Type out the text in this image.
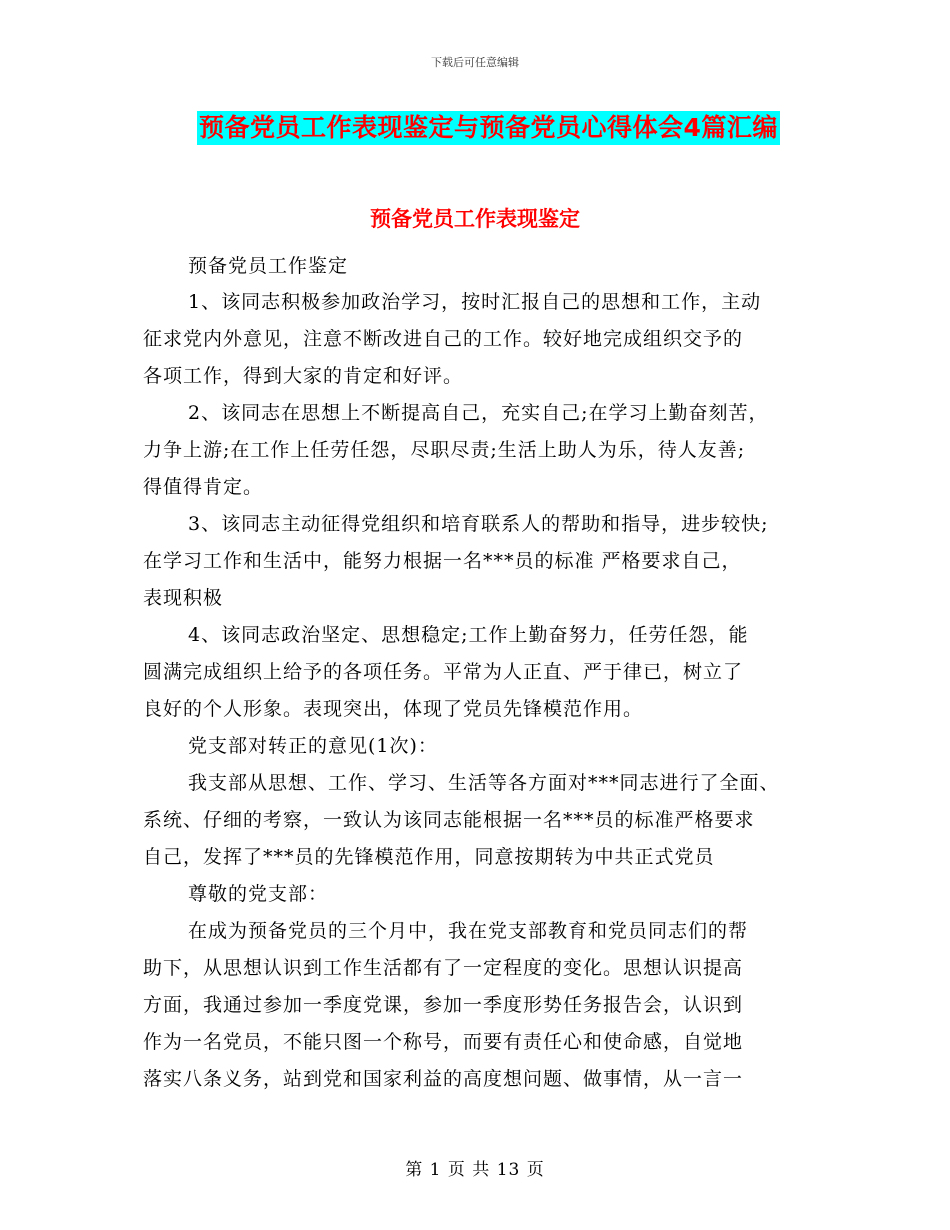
下载后可任意编辑
预备党员工作表现鉴定与预备党员心得体会4篇汇编
预备党员工作表现鉴定
预备党员工作鉴定
1、该同志积极参加政治学习，按时汇报自己的思想和工作，主动
征求党内外意见，注意不断改进自己的工作。较好地完成组织交予的
各项工作，得到大家的肯定和好评。
2、该同志在思想上不断提高自己，充实自己;在学习上勤奋刻苦，
力争上游;在工作上任劳任怨，尽职尽责;生活上助人为乐，待人友善;
得值得肯定。
3、该同志主动征得党组织和培育联系人的帮助和指导，进步较快;
在学习工作和生活中，能努力根据一名***员的标准 严格要求自己，
表现积极
4、该同志政治坚定、思想稳定;工作上勤奋努力，任劳任怨，能
圆满完成组织上给予的各项任务。平常为人正直、严于律已，树立了
良好的个人形象。表现突出，体现了党员先锋模范作用。
党支部对转正的意见(1次)：
我支部从思想、工作、学习、生活等各方面对***同志进行了全面、
系统、仔细的考察，一致认为该同志能根据一名***员的标准严格要求
自己，发挥了***员的先锋模范作用，同意按期转为中共正式党员
尊敬的党支部：
在成为预备党员的三个月中，我在党支部教育和党员同志们的帮
助下，从思想认识到工作生活都有了一定程度的变化。思想认识提高
方面，我通过参加一季度党课，参加一季度形势任务报告会，认识到
作为一名党员，不能只图一个称号，而要有责任心和使命感，自觉地
落实八条义务，站到党和国家利益的高度想问题、做事情，从一言一
第 1 页 共 13 页
